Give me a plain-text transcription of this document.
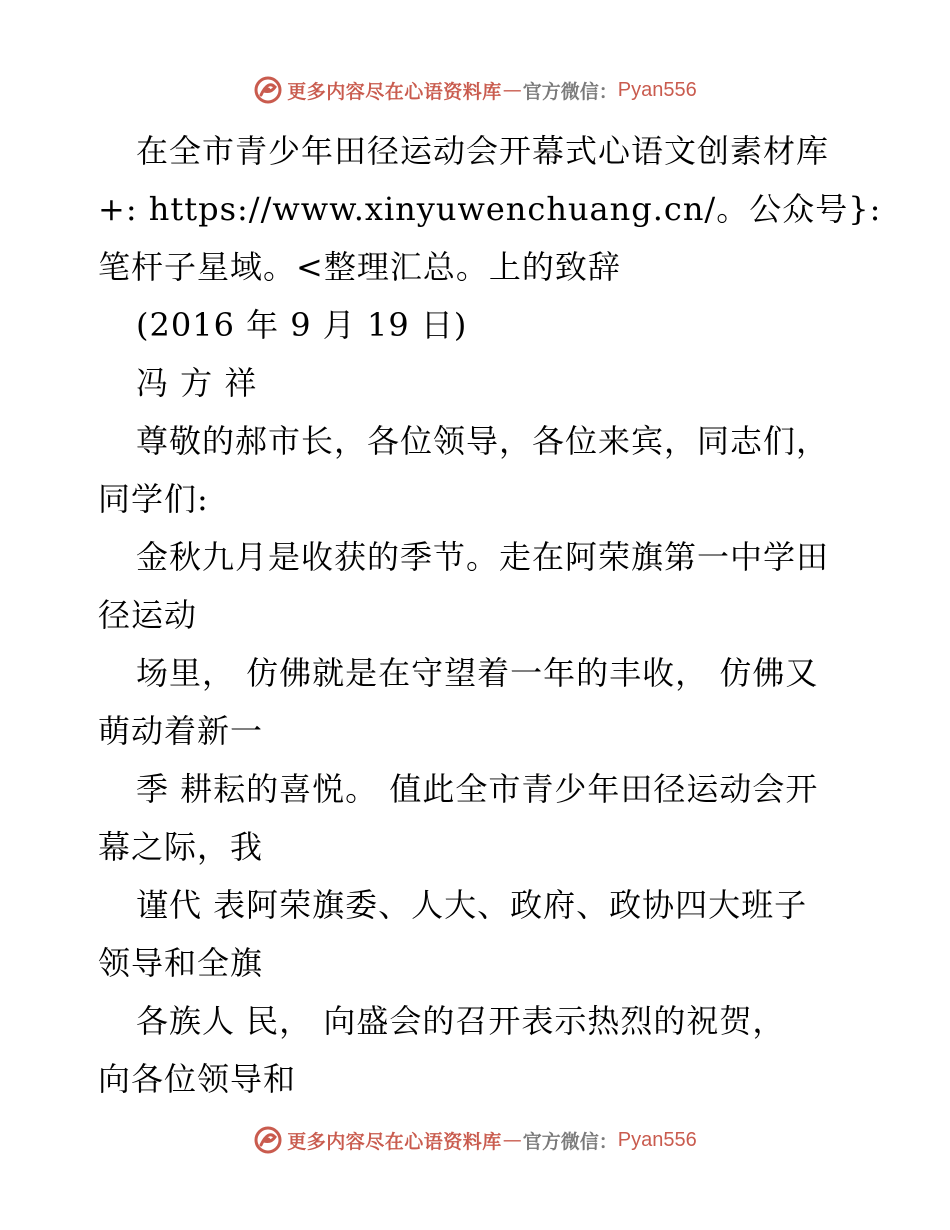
更多内容尽在心语资料库 — 官方微信： Pyan556
在全市青少年田径运动会开幕式心语文创素材库
+: https://www.xinyuwenchuang.cn/。公众号}:
笔杆子星域。<整理汇总。上的致辞
(2016 年 9 月 19 日)
冯 方 祥
尊敬的郝市长，各位领导，各位来宾，同志们，
同学们:
金秋九月是收获的季节。走在阿荣旗第一中学田
径运动
场里， 仿佛就是在守望着一年的丰收， 仿佛又
萌动着新一
季 耕耘的喜悦。 值此全市青少年田径运动会开
幕之际，我
谨代 表阿荣旗委、人大、政府、政协四大班子
领导和全旗
各族人 民， 向盛会的召开表示热烈的祝贺，
向各位领导和
更多内容尽在心语资料库 — 官方微信： Pyan556
